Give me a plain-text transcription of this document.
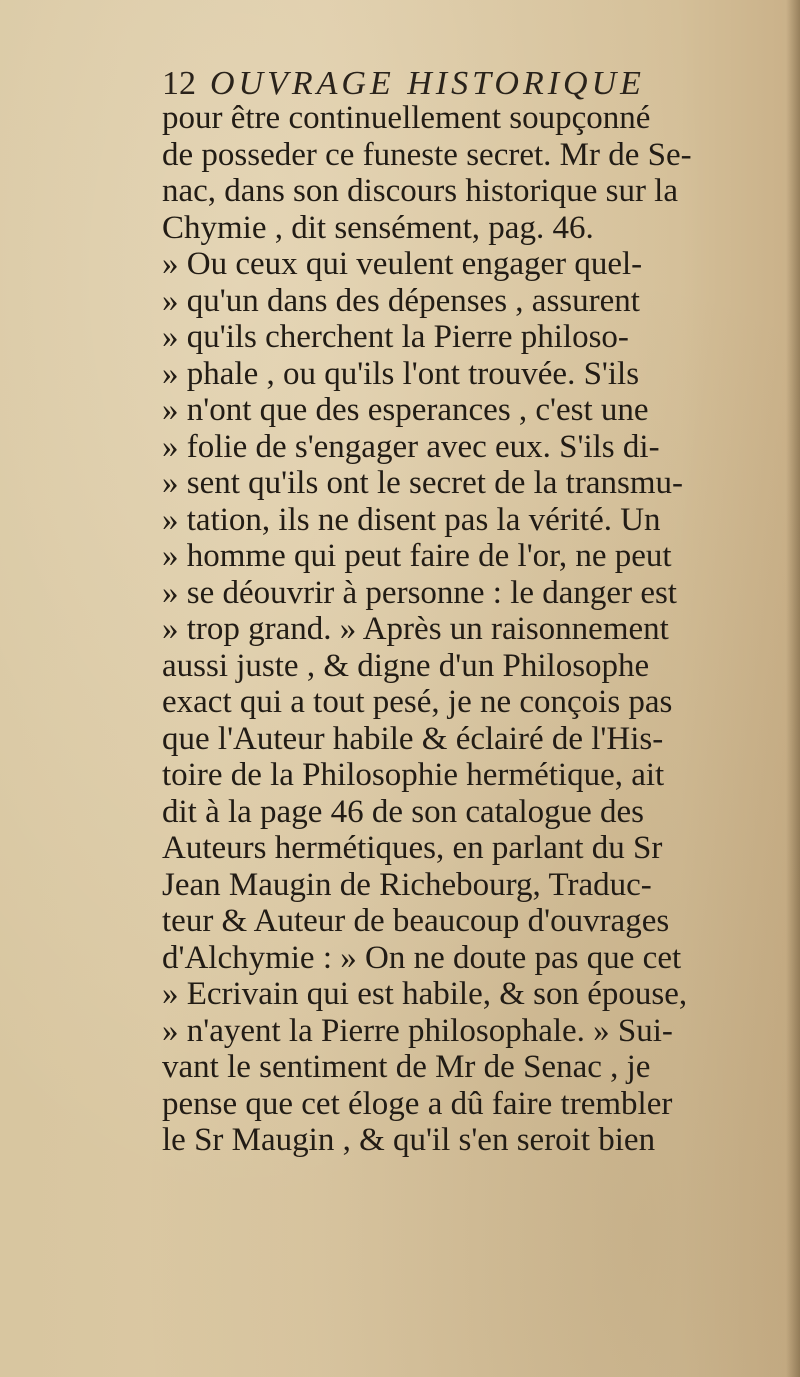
12 OUVRAGE HISTORIQUE
pour être continuellement soupçonné
de posseder ce funeste secret. Mr de Se-
nac, dans son discours historique sur la
Chymie , dit sensément, pag. 46.
» Ou ceux qui veulent engager quel-
» qu'un dans des dépenses , assurent
» qu'ils cherchent la Pierre philoso-
» phale , ou qu'ils l'ont trouvée. S'ils
» n'ont que des esperances , c'est une
» folie de s'engager avec eux. S'ils di-
» sent qu'ils ont le secret de la transmu-
» tation, ils ne disent pas la vérité. Un
» homme qui peut faire de l'or, ne peut
» se déouvrir à personne : le danger est
» trop grand. » Après un raisonnement
aussi juste , & digne d'un Philosophe
exact qui a tout pesé, je ne conçois pas
que l'Auteur habile & éclairé de l'His-
toire de la Philosophie hermétique, ait
dit à la page 46 de son catalogue des
Auteurs hermétiques, en parlant du Sr
Jean Maugin de Richebourg, Traduc-
teur & Auteur de beaucoup d'ouvrages
d'Alchymie : » On ne doute pas que cet
» Ecrivain qui est habile, & son épouse,
» n'ayent la Pierre philosophale. » Sui-
vant le sentiment de Mr de Senac , je
pense que cet éloge a dû faire trembler
le Sr Maugin , & qu'il s'en seroit bien
